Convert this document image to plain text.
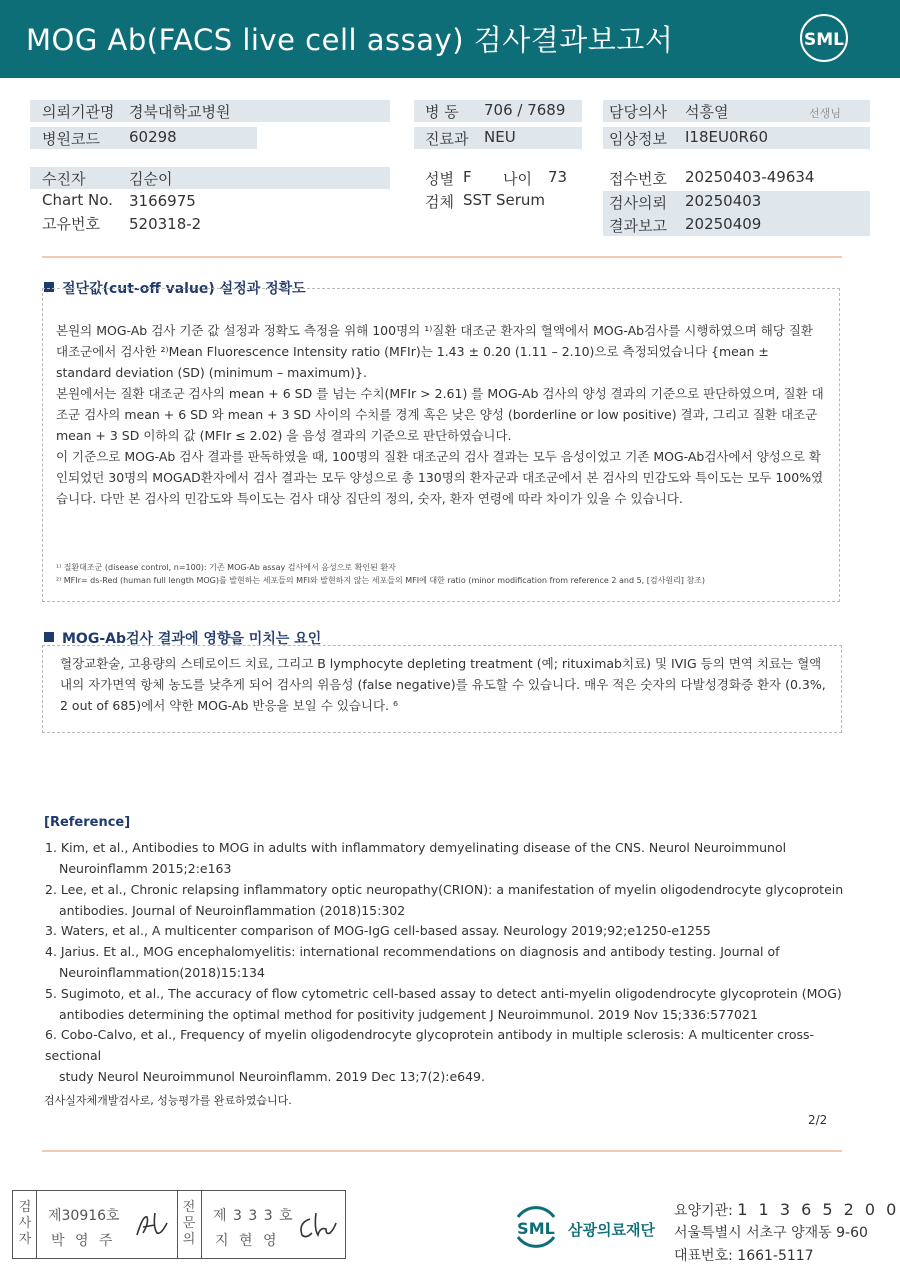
MOG Ab(FACS live cell assay) 검사결과보고서	SML
의뢰기관명 경북대학교병원
병원코드 60298
병 동 706 / 7689
진료과 NEU
담당의사 석흥열	선생님
임상정보 I18EU0R60
수진자	김순이
Chart No. 3166975
고유번호 520318-2
성별 F 나이 73
검체 SST Serum
접수번호 20250403-49634
검사의뢰 20250403
결과보고 20250409
절단값(cut-off value) 설정과 정확도
본원의 MOG-Ab 검사 기준 값 설정과 정확도 측정을 위해 100명의 ¹⁾질환 대조군 환자의 혈액에서 MOG-Ab검사를 시행하였으며 해당 질환 대조군에서 검사한 ²⁾Mean Fluorescence Intensity ratio (MFIr)는 1.43 ± 0.20 (1.11 – 2.10)으로 측정되었습니다 {mean ± standard deviation (SD) (minimum – maximum)}.
본원에서는 질환 대조군 검사의 mean + 6 SD 를 넘는 수치(MFIr > 2.61) 를 MOG-Ab 검사의 양성 결과의 기준으로 판단하였으며, 질환 대조군 검사의 mean + 6 SD 와 mean + 3 SD 사이의 수치를 경계 혹은 낮은 양성 (borderline or low positive) 결과, 그리고 질환 대조군 mean + 3 SD 이하의 값 (MFIr ≤ 2.02) 을 음성 결과의 기준으로 판단하였습니다.
이 기준으로 MOG-Ab 검사 결과를 판독하였을 때, 100명의 질환 대조군의 검사 결과는 모두 음성이었고 기존 MOG-Ab검사에서 양성으로 확인되었던 30명의 MOGAD환자에서 검사 결과는 모두 양성으로 총 130명의 환자군과 대조군에서 본 검사의 민감도와 특이도는 모두 100%였습니다. 다만 본 검사의 민감도와 특이도는 검사 대상 집단의 정의, 숫자, 환자 연령에 따라 차이가 있을 수 있습니다.
¹⁾ 질환대조군 (disease control, n=100): 기존 MOG-Ab assay 검사에서 음성으로 확인된 환자
²⁾ MFIr= ds-Red (human full length MOG)를 발현하는 세포들의 MFI와 발현하지 않는 세포들의 MFI에 대한 ratio (minor modification from reference 2 and 5, [검사원리] 참조)
MOG-Ab검사 결과에 영향을 미치는 요인
혈장교환술, 고용량의 스테로이드 치료, 그리고 B lymphocyte depleting treatment (예; rituximab치료) 및 IVIG 등의 면역 치료는 혈액 내의 자가면역 항체 농도를 낮추게 되어 검사의 위음성 (false negative)를 유도할 수 있습니다. 매우 적은 숫자의 다발성경화증 환자 (0.3%, 2 out of 685)에서 약한 MOG-Ab 반응을 보일 수 있습니다. ⁶
[Reference]
1. Kim, et al., Antibodies to MOG in adults with inflammatory demyelinating disease of the CNS. Neurol Neuroimmunol Neuroinflamm 2015;2:e163
2. Lee, et al., Chronic relapsing inflammatory optic neuropathy(CRION): a manifestation of myelin oligodendrocyte glycoprotein antibodies. Journal of Neuroinflammation (2018)15:302
3. Waters, et al., A multicenter comparison of MOG-IgG cell-based assay. Neurology 2019;92;e1250-e1255
4. Jarius. Et al., MOG encephalomyelitis: international recommendations on diagnosis and antibody testing. Journal of Neuroinflammation(2018)15:134
5. Sugimoto, et al., The accuracy of flow cytometric cell-based assay to detect anti-myelin oligodendrocyte glycoprotein (MOG) antibodies determining the optimal method for positivity judgement J Neuroimmunol. 2019 Nov 15;336:577021
6. Cobo-Calvo, et al., Frequency of myelin oligodendrocyte glycoprotein antibody in multiple sclerosis: A multicenter cross-sectional
study Neurol Neuroimmunol Neuroinflamm. 2019 Dec 13;7(2):e649.
검사실자체개발검사로, 성능평가를 완료하였습니다.
2/2
검사자
제30916호
박 영 주
전문의
제 3 3 3 호
지 현 영
SML 삼광의료재단
요양기관: 1 1 3 6 5 2 0 0
서울특별시 서초구 양재동 9-60
대표번호: 1661-5117
